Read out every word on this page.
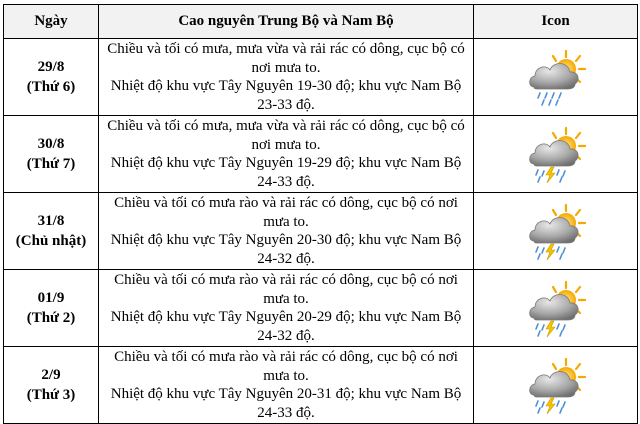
Ngày	Cao nguyên Trung Bộ và Nam Bộ	Icon

29/8
(Thứ 6)	Chiều và tối có mưa, mưa vừa và rải rác có dông, cục bộ có nơi mưa to.
Nhiệt độ khu vực Tây Nguyên 19-30 độ; khu vực Nam Bộ 23-33 độ.

30/8
(Thứ 7)	Chiều và tối có mưa, mưa vừa và rải rác có dông, cục bộ có nơi mưa to.
Nhiệt độ khu vực Tây Nguyên 19-29 độ; khu vực Nam Bộ 24-33 độ.

31/8
(Chủ nhật)	Chiều và tối có mưa rào và rải rác có dông, cục bộ có nơi mưa to.
Nhiệt độ khu vực Tây Nguyên 20-30 độ; khu vực Nam Bộ 24-32 độ.

01/9
(Thứ 2)	Chiều và tối có mưa rào và rải rác có dông, cục bộ có nơi mưa to.
Nhiệt độ khu vực Tây Nguyên 20-29 độ; khu vực Nam Bộ 24-32 độ.

2/9
(Thứ 3)	Chiều và tối có mưa rào và rải rác có dông, cục bộ có nơi mưa to.
Nhiệt độ khu vực Tây Nguyên 20-31 độ; khu vực Nam Bộ 24-33 độ.
